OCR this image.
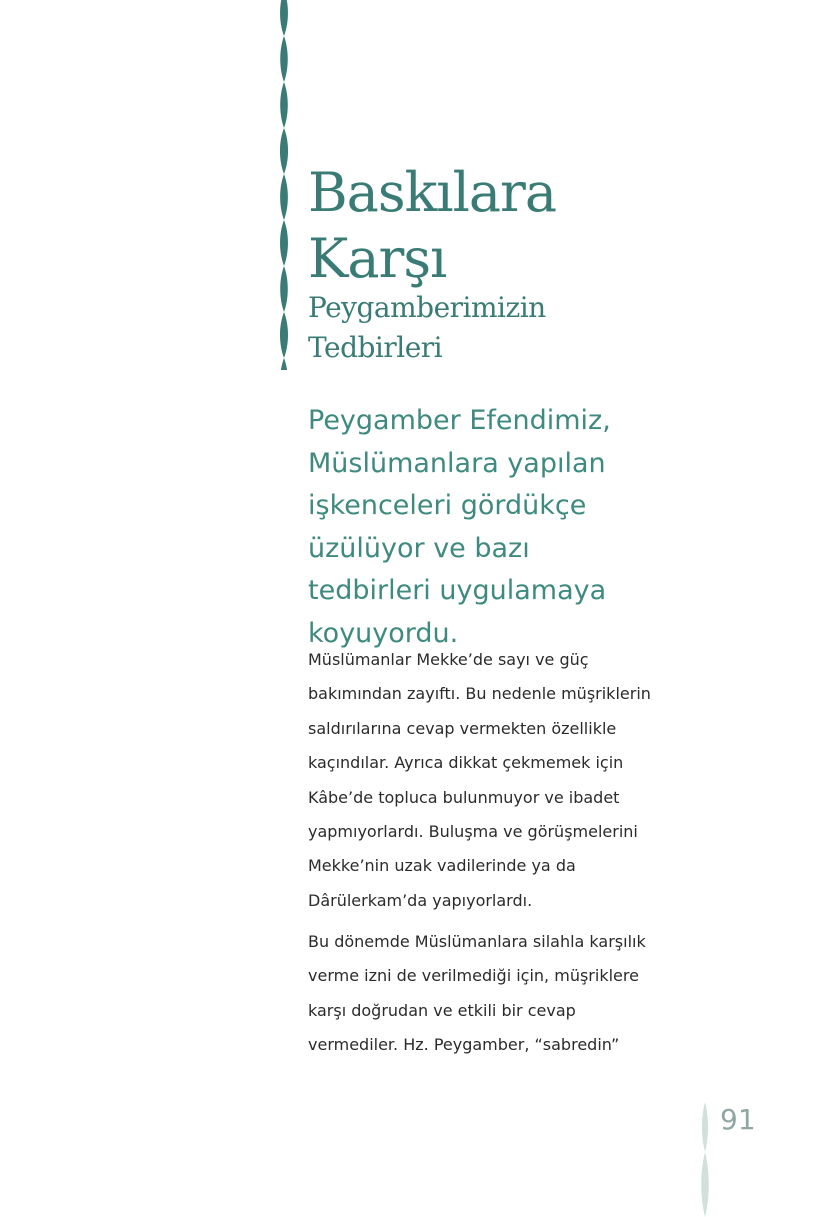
Baskılara
Karşı
Peygamberimizin
Tedbirleri
Peygamber Efendimiz,
Müslümanlara yapılan
işkenceleri gördükçe
üzülüyor ve bazı
tedbirleri uygulamaya
koyuyordu.
Müslümanlar Mekke’de sayı ve güç
bakımından zayıftı. Bu nedenle müşriklerin
saldırılarına cevap vermekten özellikle
kaçındılar. Ayrıca dikkat çekmemek için
Kâbe’de topluca bulunmuyor ve ibadet
yapmıyorlardı. Buluşma ve görüşmelerini
Mekke’nin uzak vadilerinde ya da
Dârülerkam’da yapıyorlardı.
Bu dönemde Müslümanlara silahla karşılık
verme izni de verilmediği için, müşriklere
karşı doğrudan ve etkili bir cevap
vermediler. Hz. Peygamber, “sabredin”
91
